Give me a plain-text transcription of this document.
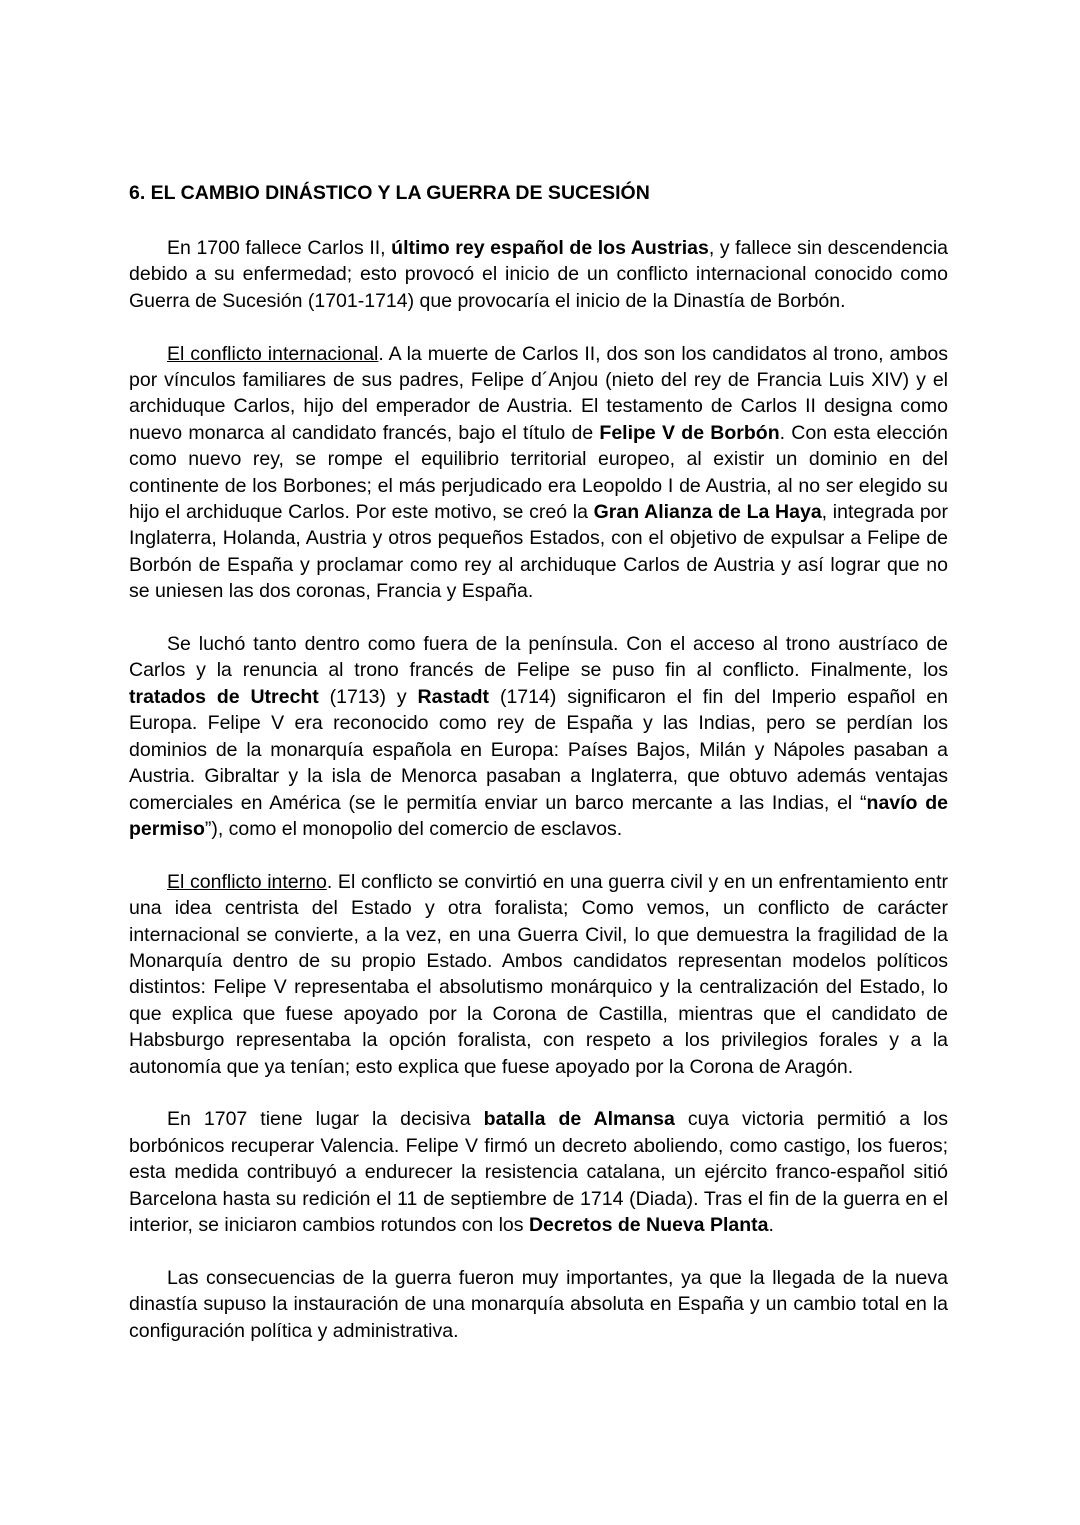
6. EL CAMBIO DINÁSTICO Y LA GUERRA DE SUCESIÓN

En 1700 fallece Carlos II, último rey español de los Austrias, y fallece sin descendencia debido a su enfermedad; esto provocó el inicio de un conflicto internacional conocido como Guerra de Sucesión (1701-1714) que provocaría el inicio de la Dinastía de Borbón.

El conflicto internacional. A la muerte de Carlos II, dos son los candidatos al trono, ambos por vínculos familiares de sus padres, Felipe d´Anjou (nieto del rey de Francia Luis XIV) y el archiduque Carlos, hijo del emperador de Austria. El testamento de Carlos II designa como nuevo monarca al candidato francés, bajo el título de Felipe V de Borbón. Con esta elección como nuevo rey, se rompe el equilibrio territorial europeo, al existir un dominio en del continente de los Borbones; el más perjudicado era Leopoldo I de Austria, al no ser elegido su hijo el archiduque Carlos. Por este motivo, se creó la Gran Alianza de La Haya, integrada por Inglaterra, Holanda, Austria y otros pequeños Estados, con el objetivo de expulsar a Felipe de Borbón de España y proclamar como rey al archiduque Carlos de Austria y así lograr que no se uniesen las dos coronas, Francia y España.

Se luchó tanto dentro como fuera de la península. Con el acceso al trono austríaco de Carlos y la renuncia al trono francés de Felipe se puso fin al conflicto. Finalmente, los tratados de Utrecht (1713) y Rastadt (1714) significaron el fin del Imperio español en Europa. Felipe V era reconocido como rey de España y las Indias, pero se perdían los dominios de la monarquía española en Europa: Países Bajos, Milán y Nápoles pasaban a Austria. Gibraltar y la isla de Menorca pasaban a Inglaterra, que obtuvo además ventajas comerciales en América (se le permitía enviar un barco mercante a las Indias, el “navío de permiso”), como el monopolio del comercio de esclavos.

El conflicto interno. El conflicto se convirtió en una guerra civil y en un enfrentamiento entr una idea centrista del Estado y otra foralista; Como vemos, un conflicto de carácter internacional se convierte, a la vez, en una Guerra Civil, lo que demuestra la fragilidad de la Monarquía dentro de su propio Estado. Ambos candidatos representan modelos políticos distintos: Felipe V representaba el absolutismo monárquico y la centralización del Estado, lo que explica que fuese apoyado por la Corona de Castilla, mientras que el candidato de Habsburgo representaba la opción foralista, con respeto a los privilegios forales y a la autonomía que ya tenían; esto explica que fuese apoyado por la Corona de Aragón.

En 1707 tiene lugar la decisiva batalla de Almansa cuya victoria permitió a los borbónicos recuperar Valencia. Felipe V firmó un decreto aboliendo, como castigo, los fueros; esta medida contribuyó a endurecer la resistencia catalana, un ejército franco-español sitió Barcelona hasta su redición el 11 de septiembre de 1714 (Diada). Tras el fin de la guerra en el interior, se iniciaron cambios rotundos con los Decretos de Nueva Planta.

Las consecuencias de la guerra fueron muy importantes, ya que la llegada de la nueva dinastía supuso la instauración de una monarquía absoluta en España y un cambio total en la configuración política y administrativa.
